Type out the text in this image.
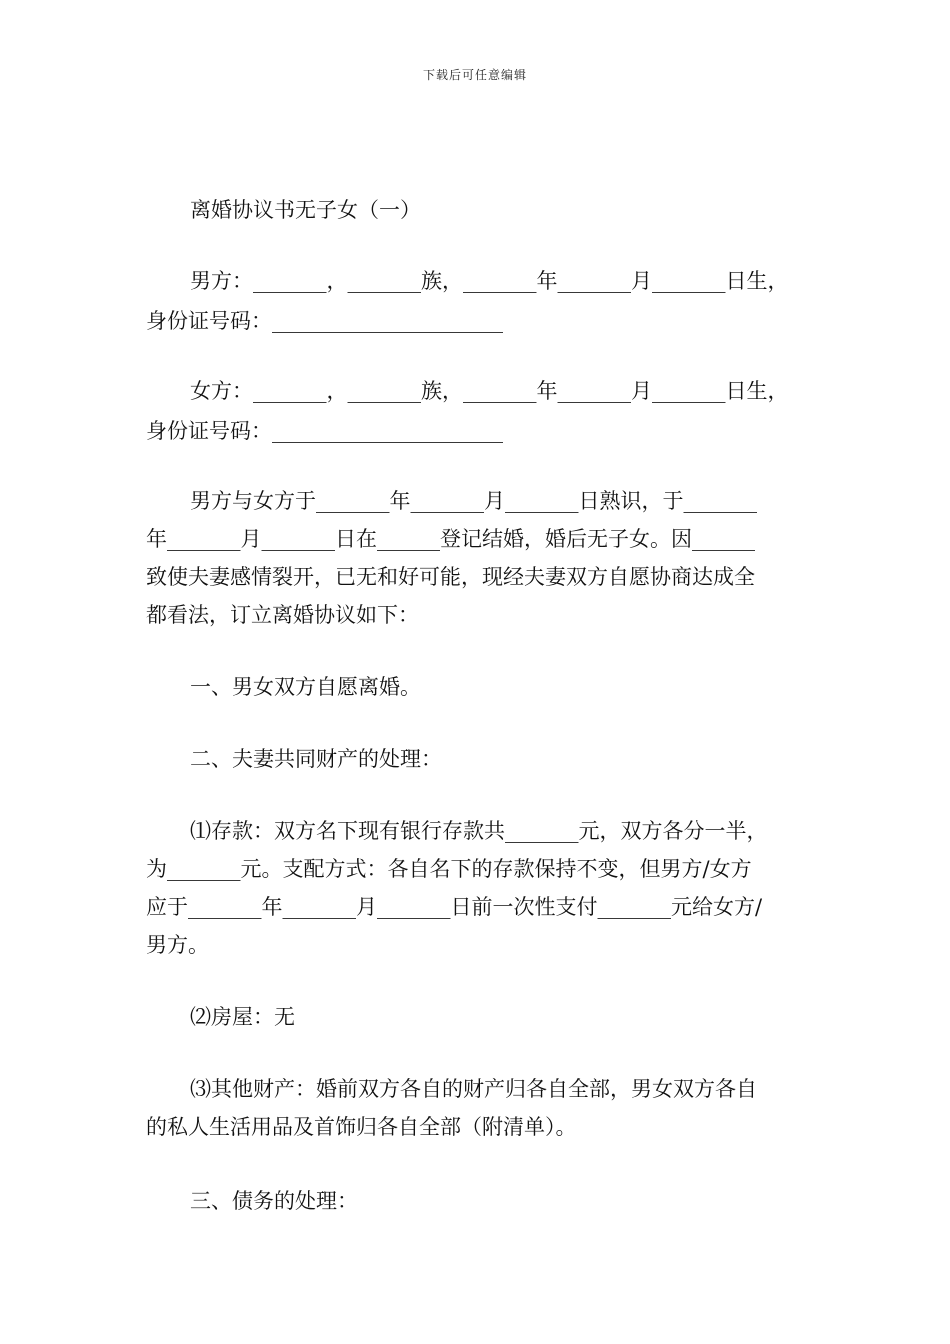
下载后可任意编辑
离婚协议书无子女（一）
男方：_______，_______族，_______年_______月_______日生，
身份证号码：______________________
女方：_______，_______族，_______年_______月_______日生，
身份证号码：______________________
男方与女方于_______年_______月_______日熟识，于_______
年_______月_______日在______登记结婚，婚后无子女。因______
致使夫妻感情裂开，已无和好可能，现经夫妻双方自愿协商达成全
都看法，订立离婚协议如下：
一、男女双方自愿离婚。
二、夫妻共同财产的处理：
⑴存款：双方名下现有银行存款共_______元，双方各分一半，
为_______元。支配方式：各自名下的存款保持不变，但男方/女方
应于_______年_______月_______日前一次性支付_______元给女方/
男方。
⑵房屋：无
⑶其他财产：婚前双方各自的财产归各自全部，男女双方各自
的私人生活用品及首饰归各自全部（附清单）。
三、债务的处理：
